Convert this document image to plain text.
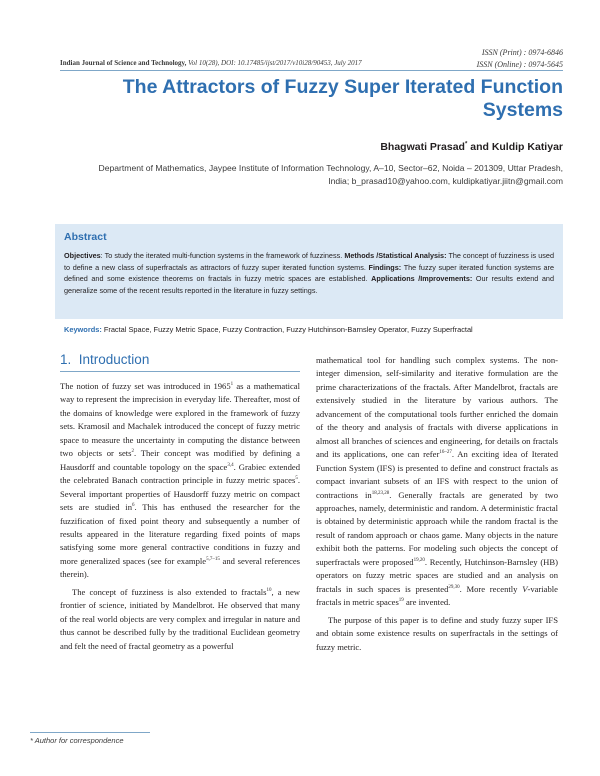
ISSN (Print) : 0974-6846
ISSN (Online) : 0974-5645
Indian Journal of Science and Technology, Vol 10(28), DOI: 10.17485/ijst/2017/v10i28/90453, July 2017
The Attractors of Fuzzy Super Iterated Function Systems
Bhagwati Prasad* and Kuldip Katiyar
Department of Mathematics, Jaypee Institute of Information Technology, A–10, Sector–62, Noida – 201309, Uttar Pradesh, India; b_prasad10@yahoo.com, kuldipkatiyar.jiitn@gmail.com
Abstract
Objectives: To study the iterated multi-function systems in the framework of fuzziness. Methods /Statistical Analysis: The concept of fuzziness is used to define a new class of superfractals as attractors of fuzzy super iterated function systems. Findings: The fuzzy super iterated function systems are defined and some existence theorems on fractals in fuzzy metric spaces are established. Applications /Improvements: Our results extend and generalize some of the recent results reported in the literature in fuzzy settings.
Keywords: Fractal Space, Fuzzy Metric Space, Fuzzy Contraction, Fuzzy Hutchinson-Barnsley Operator, Fuzzy Superfractal
1. Introduction

The notion of fuzzy set was introduced in 1965$^1$ as a mathematical way to represent the imprecision in everyday life. Thereafter, most of the domains of knowledge were explored in the framework of fuzzy sets. Kramosil and Machalek introduced the concept of fuzzy metric space to measure the uncertainty in computing the distance between two objects or sets$^2$. Their concept was modified by defining a Hausdorff and countable topology on the space$^{3,4}$. Grabiec extended the celebrated Banach contraction principle in fuzzy metric spaces$^5$. Several important properties of Hausdorff fuzzy metric on compact sets are studied $in^6$. This has enthused the researcher for the fuzzification of fixed point theory and subsequently a number of results appeared in the literature regarding fixed points of maps satisfying some more general contractive conditions in fuzzy and more generalized spaces (see for example$^{5,7-15}$ and several references therein).

The concept of fuzziness is also extended to fractals$^{10}$, a new frontier of science, initiated by Mandelbrot. He observed that many of the real world objects are very complex and irregular in nature and thus cannot be described fully by the traditional Euclidean geometry and felt the need of fractal geometry as a powerful

mathematical tool for handling such complex systems. The non-integer dimension, self-similarity and iterative formulation are the prime characterizations of the fractals. After Mandelbrot, fractals are extensively studied in the literature by various authors. The advancement of the computational tools further enriched the domain of the theory and analysis of fractals with diverse applications in almost all branches of sciences and engineering, for details on fractals and its applications, one can refer$^{16-27}$. An exciting idea of Iterated Function System (IFS) is presented to define and construct fractals as compact invariant subsets of an IFS with respect to the union of contractions in$^{18,23,28}$. Generally fractals are generated by two approaches, namely, deterministic and random. A deterministic fractal is obtained by deterministic approach while the random fractal is the result of random approach or chaos game. Many objects in the nature exhibit both the patterns. For modeling such objects the concept of superfractals were proposed$^{19,20}$. Recently, Hutchinson-Barnsley (HB) operators on fuzzy metric spaces are studied and an analysis on fractals in such spaces is presented$^{29,30}$. More recently V-variable fractals in metric spaces$^{19}$ are invented.

The purpose of this paper is to define and study fuzzy super IFS and obtain some existence results on superfractals in the settings of fuzzy metric.

* Author for correspondence
